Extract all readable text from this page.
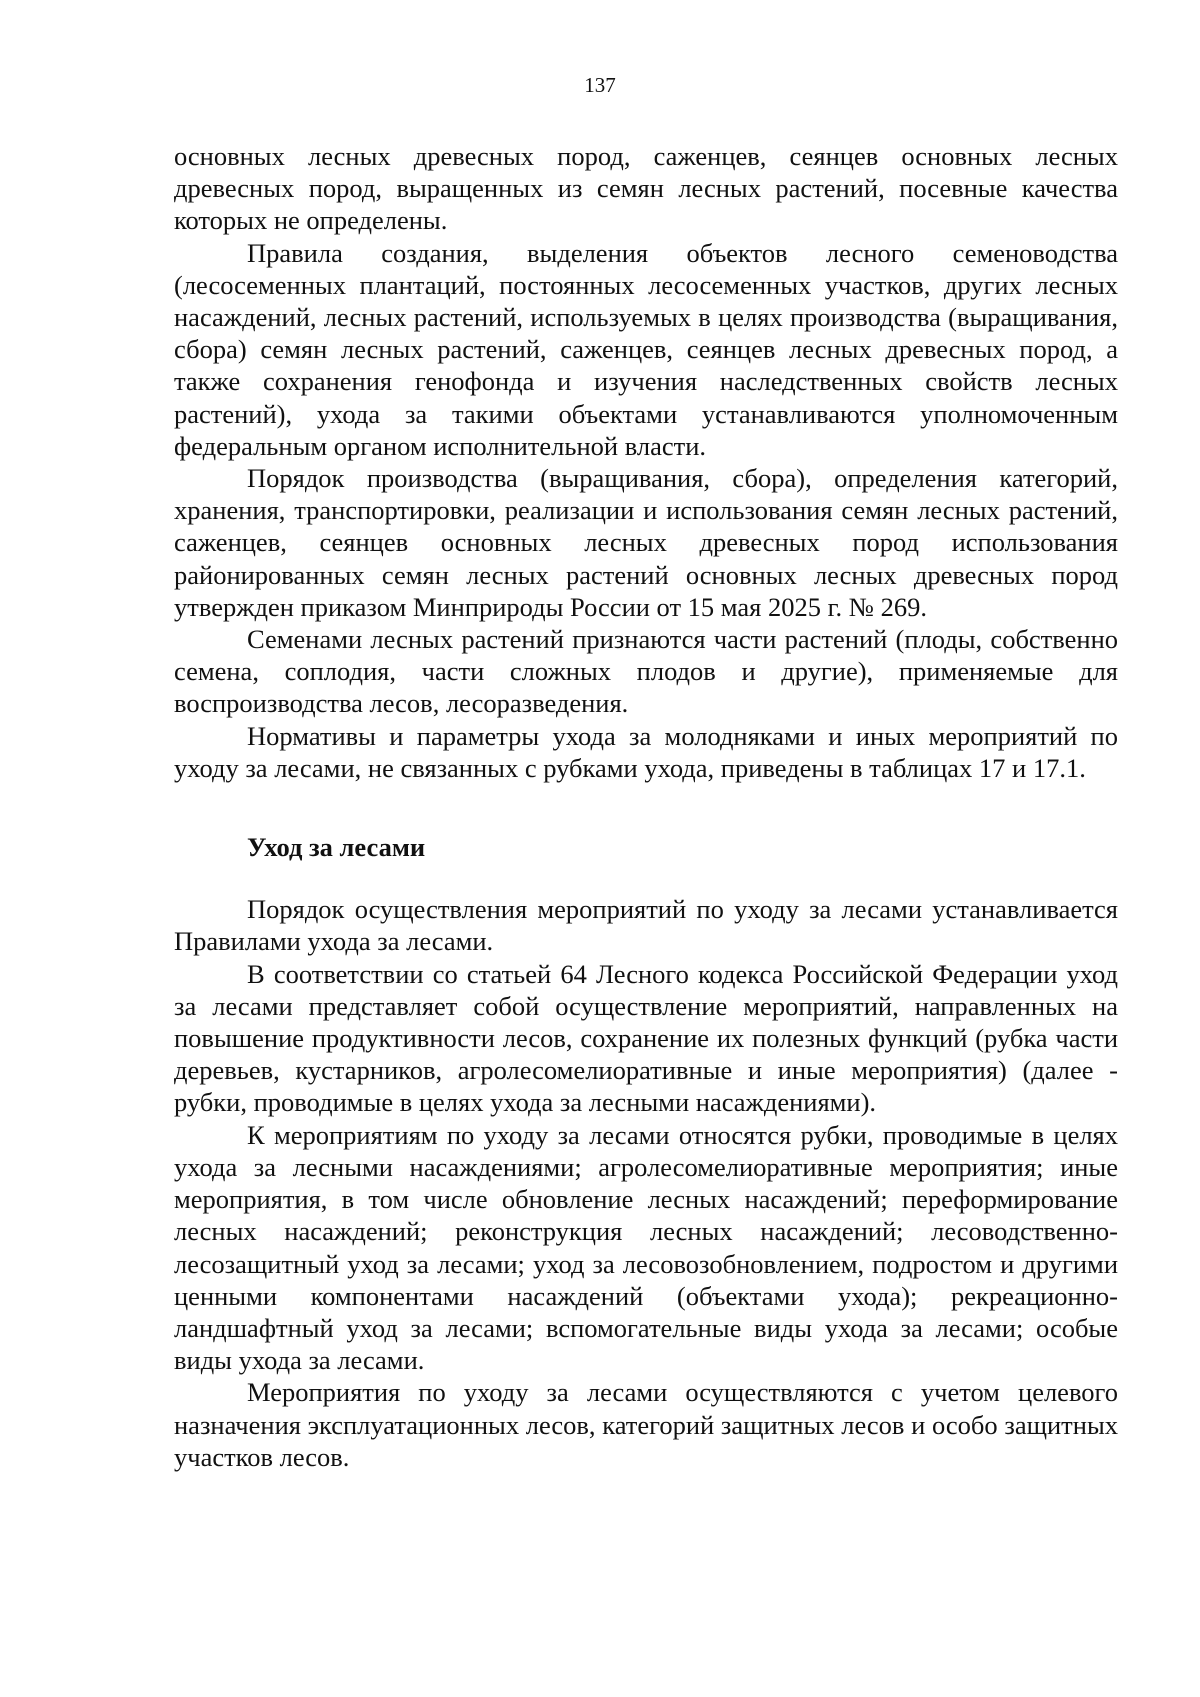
137

основных лесных древесных пород, саженцев, сеянцев основных лесных древесных пород, выращенных из семян лесных растений, посевные качества которых не определены.

Правила создания, выделения объектов лесного семеноводства (лесосеменных плантаций, постоянных лесосеменных участков, других лесных насаждений, лесных растений, используемых в целях производства (выращивания, сбора) семян лесных растений, саженцев, сеянцев лесных древесных пород, а также сохранения генофонда и изучения наследственных свойств лесных растений), ухода за такими объектами устанавливаются уполномоченным федеральным органом исполнительной власти.

Порядок производства (выращивания, сбора), определения категорий, хранения, транспортировки, реализации и использования семян лесных растений, саженцев, сеянцев основных лесных древесных пород использования районированных семян лесных растений основных лесных древесных пород утвержден приказом Минприроды России от 15 мая 2025 г. № 269.

Семенами лесных растений признаются части растений (плоды, собственно семена, соплодия, части сложных плодов и другие), применяемые для воспроизводства лесов, лесоразведения.

Нормативы и параметры ухода за молодняками и иных мероприятий по уходу за лесами, не связанных с рубками ухода, приведены в таблицах 17 и 17.1.

Уход за лесами

Порядок осуществления мероприятий по уходу за лесами устанавливается Правилами ухода за лесами.

В соответствии со статьей 64 Лесного кодекса Российской Федерации уход за лесами представляет собой осуществление мероприятий, направленных на повышение продуктивности лесов, сохранение их полезных функций (рубка части деревьев, кустарников, агролесомелиоративные и иные мероприятия) (далее - рубки, проводимые в целях ухода за лесными насаждениями).

К мероприятиям по уходу за лесами относятся рубки, проводимые в целях ухода за лесными насаждениями; агролесомелиоративные мероприятия; иные мероприятия, в том числе обновление лесных насаждений; переформирование лесных насаждений; реконструкция лесных насаждений; лесоводственно-лесозащитный уход за лесами; уход за лесовозобновлением, подростом и другими ценными компонентами насаждений (объектами ухода); рекреационно-ландшафтный уход за лесами; вспомогательные виды ухода за лесами; особые виды ухода за лесами.

Мероприятия по уходу за лесами осуществляются с учетом целевого назначения эксплуатационных лесов, категорий защитных лесов и особо защитных участков лесов.
